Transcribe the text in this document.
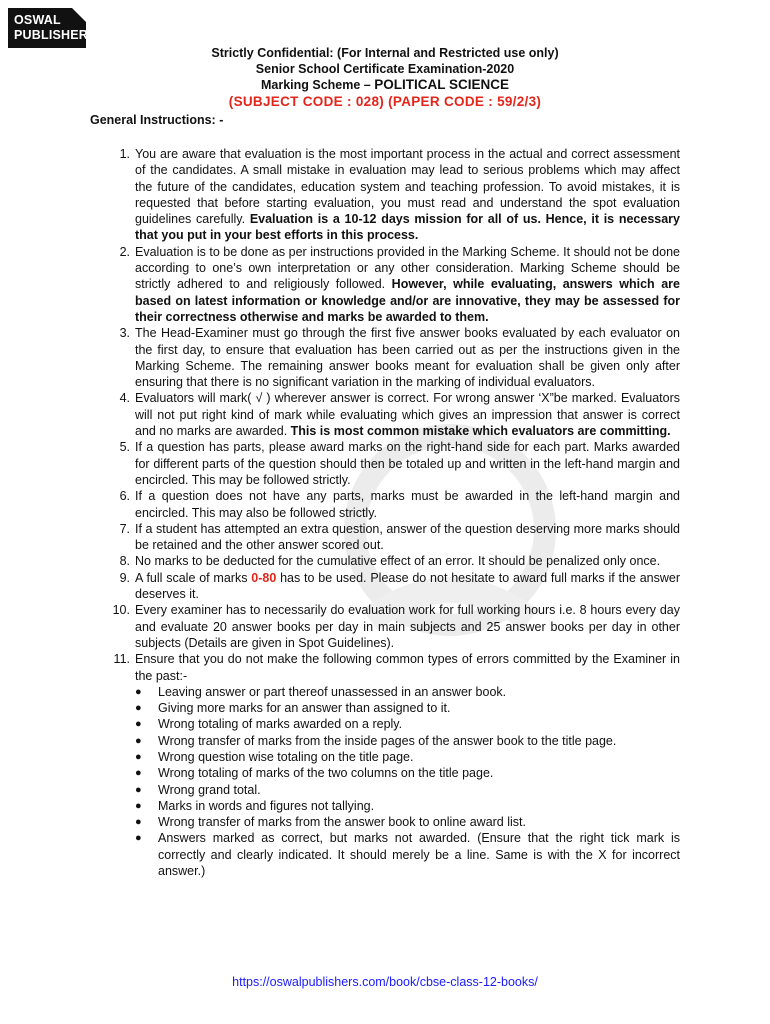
OSWAL
PUBLISHERS
Strictly Confidential: (For Internal and Restricted use only)
Senior School Certificate Examination-2020
Marking Scheme – POLITICAL SCIENCE
(SUBJECT CODE : 028) (PAPER CODE : 59/2/3)
General Instructions: -
1. You are aware that evaluation is the most important process in the actual and correct assessment of the candidates. A small mistake in evaluation may lead to serious problems which may affect the future of the candidates, education system and teaching profession. To avoid mistakes, it is requested that before starting evaluation, you must read and understand the spot evaluation guidelines carefully. Evaluation is a 10-12 days mission for all of us. Hence, it is necessary that you put in your best efforts in this process.
2. Evaluation is to be done as per instructions provided in the Marking Scheme. It should not be done according to one’s own interpretation or any other consideration. Marking Scheme should be strictly adhered to and religiously followed. However, while evaluating, answers which are based on latest information or knowledge and/or are innovative, they may be assessed for their correctness otherwise and marks be awarded to them.
3. The Head-Examiner must go through the first five answer books evaluated by each evaluator on the first day, to ensure that evaluation has been carried out as per the instructions given in the Marking Scheme. The remaining answer books meant for evaluation shall be given only after ensuring that there is no significant variation in the marking of individual evaluators.
4. Evaluators will mark( √ ) wherever answer is correct. For wrong answer ‘X”be marked. Evaluators will not put right kind of mark while evaluating which gives an impression that answer is correct and no marks are awarded. This is most common mistake which evaluators are committing.
5. If a question has parts, please award marks on the right-hand side for each part. Marks awarded for different parts of the question should then be totaled up and written in the left-hand margin and encircled. This may be followed strictly.
6. If a question does not have any parts, marks must be awarded in the left-hand margin and encircled. This may also be followed strictly.
7. If a student has attempted an extra question, answer of the question deserving more marks should be retained and the other answer scored out.
8. No marks to be deducted for the cumulative effect of an error. It should be penalized only once.
9. A full scale of marks 0-80 has to be used. Please do not hesitate to award full marks if the answer deserves it.
10. Every examiner has to necessarily do evaluation work for full working hours i.e. 8 hours every day and evaluate 20 answer books per day in main subjects and 25 answer books per day in other subjects (Details are given in Spot Guidelines).
11. Ensure that you do not make the following common types of errors committed by the Examiner in the past:-
● Leaving answer or part thereof unassessed in an answer book.
● Giving more marks for an answer than assigned to it.
● Wrong totaling of marks awarded on a reply.
● Wrong transfer of marks from the inside pages of the answer book to the title page.
● Wrong question wise totaling on the title page.
● Wrong totaling of marks of the two columns on the title page.
● Wrong grand total.
● Marks in words and figures not tallying.
● Wrong transfer of marks from the answer book to online award list.
● Answers marked as correct, but marks not awarded. (Ensure that the right tick mark is correctly and clearly indicated. It should merely be a line. Same is with the X for incorrect answer.)
https://oswalpublishers.com/book/cbse-class-12-books/
